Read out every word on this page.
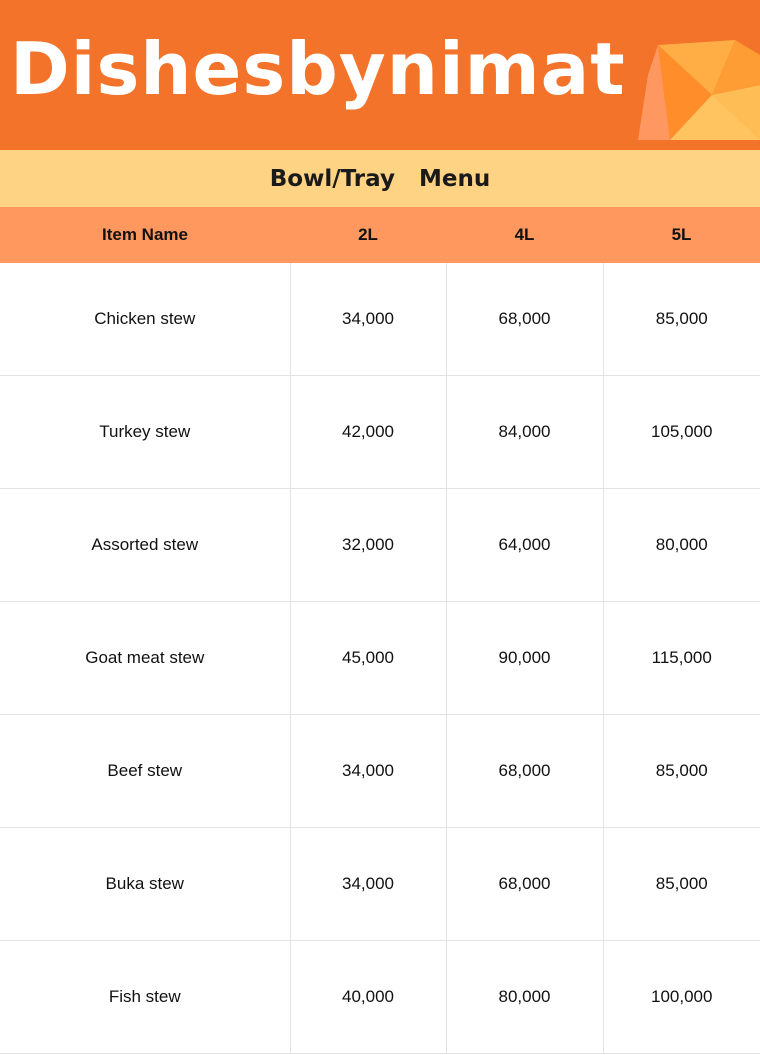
Dishesbynimat
Bowl/Tray   Menu
Item Name	2L	4L	5L
Chicken stew	34,000	68,000	85,000
Turkey stew	42,000	84,000	105,000
Assorted stew	32,000	64,000	80,000
Goat meat stew	45,000	90,000	115,000
Beef stew	34,000	68,000	85,000
Buka stew	34,000	68,000	85,000
Fish stew	40,000	80,000	100,000
